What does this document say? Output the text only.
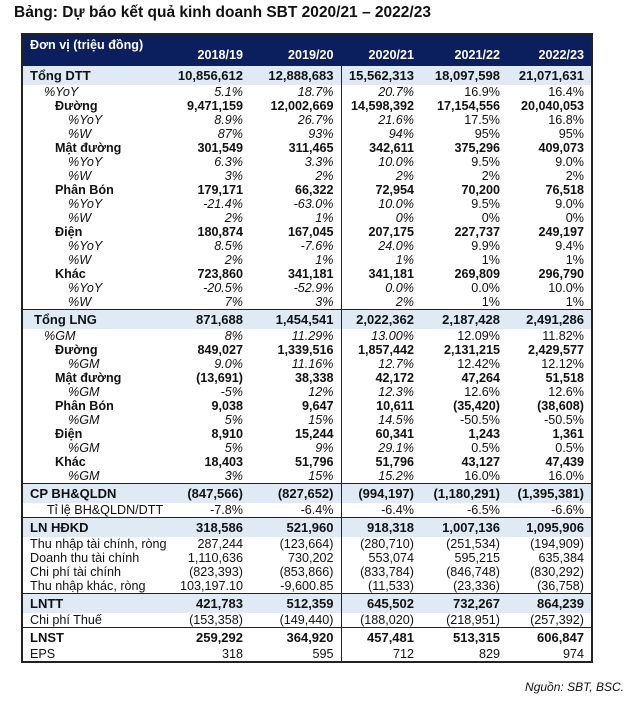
Bảng: Dự báo kết quả kinh doanh SBT 2020/21 – 2022/23
Đơn vị (triệu đồng)	2018/19	2019/20	2020/21	2021/22	2022/23
Tổng DTT	10,856,612	12,888,683	15,562,313	18,097,598	21,071,631
%YoY	5.1%	18.7%	20.7%	16.9%	16.4%
Đường	9,471,159	12,002,669	14,598,392	17,154,556	20,040,053
%YoY	8.9%	26.7%	21.6%	17.5%	16.8%
%W	87%	93%	94%	95%	95%
Mật đường	301,549	311,465	342,611	375,296	409,073
%YoY	6.3%	3.3%	10.0%	9.5%	9.0%
%W	3%	2%	2%	2%	2%
Phân Bón	179,171	66,322	72,954	70,200	76,518
%YoY	-21.4%	-63.0%	10.0%	9.5%	9.0%
%W	2%	1%	0%	0%	0%
Điện	180,874	167,045	207,175	227,737	249,197
%YoY	8.5%	-7.6%	24.0%	9.9%	9.4%
%W	2%	1%	1%	1%	1%
Khác	723,860	341,181	341,181	269,809	296,790
%YoY	-20.5%	-52.9%	0.0%	0.0%	10.0%
%W	7%	3%	2%	1%	1%
Tổng LNG	871,688	1,454,541	2,022,362	2,187,428	2,491,286
%GM	8%	11.29%	13.00%	12.09%	11.82%
Đường	849,027	1,339,516	1,857,442	2,131,215	2,429,577
%GM	9.0%	11.16%	12.7%	12.42%	12.12%
Mật đường	(13,691)	38,338	42,172	47,264	51,518
%GM	-5%	12%	12.3%	12.6%	12.6%
Phân Bón	9,038	9,647	10,611	(35,420)	(38,608)
%GM	5%	15%	14.5%	-50.5%	-50.5%
Điện	8,910	15,244	60,341	1,243	1,361
%GM	5%	9%	29.1%	0.5%	0.5%
Khác	18,403	51,796	51,796	43,127	47,439
%GM	3%	15%	15.2%	16.0%	16.0%
CP BH&QLDN	(847,566)	(827,652)	(994,197)	(1,180,291)	(1,395,381)
Tỉ lệ BH&QLDN/DTT	-7.8%	-6.4%	-6.4%	-6.5%	-6.6%
LN HĐKD	318,586	521,960	918,318	1,007,136	1,095,906
Thu nhập tài chính, ròng	287,244	(123,664)	(280,710)	(251,534)	(194,909)
Doanh thu tài chính	1,110,636	730,202	553,074	595,215	635,384
Chi phí tài chính	(823,393)	(853,866)	(833,784)	(846,748)	(830,292)
Thu nhập khác, ròng	103,197.10	-9,600.85	(11,533)	(23,336)	(36,758)
LNTT	421,783	512,359	645,502	732,267	864,239
Chi phí Thuế	(153,358)	(149,440)	(188,020)	(218,951)	(257,392)
LNST	259,292	364,920	457,481	513,315	606,847
EPS	318	595	712	829	974
Nguồn: SBT, BSC.
